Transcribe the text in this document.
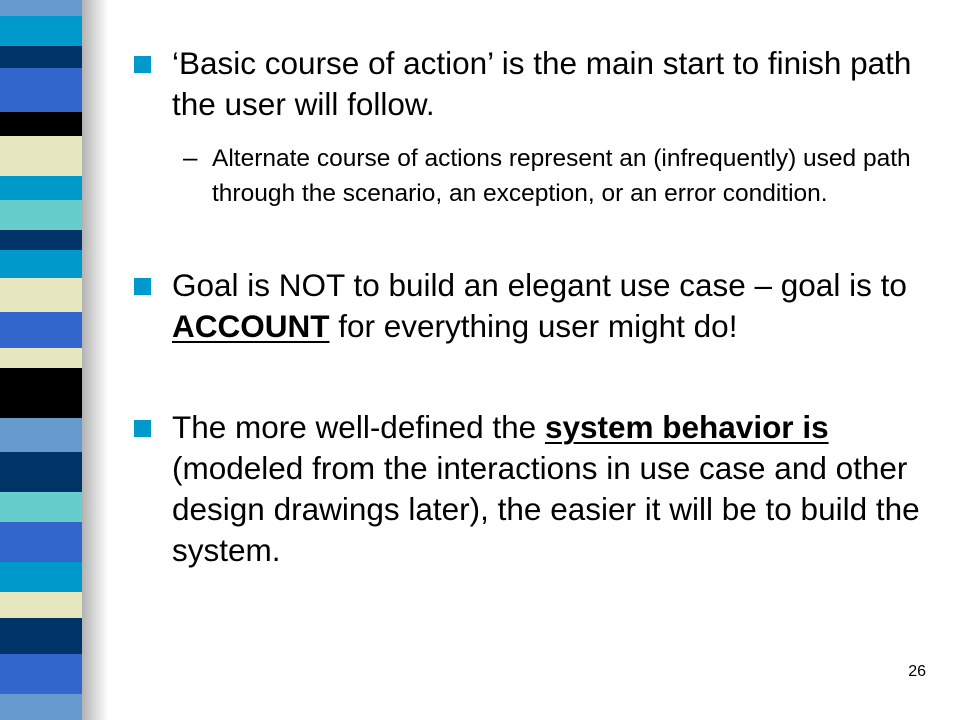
‘Basic course of action’ is the main start to finish path the user will follow.

– Alternate course of actions represent an (infrequently) used path through the scenario, an exception, or an error condition.

Goal is NOT to build an elegant use case – goal is to ACCOUNT for everything user might do!

The more well-defined the system behavior is (modeled from the interactions in use case and other design drawings later), the easier it will be to build the system.

26
